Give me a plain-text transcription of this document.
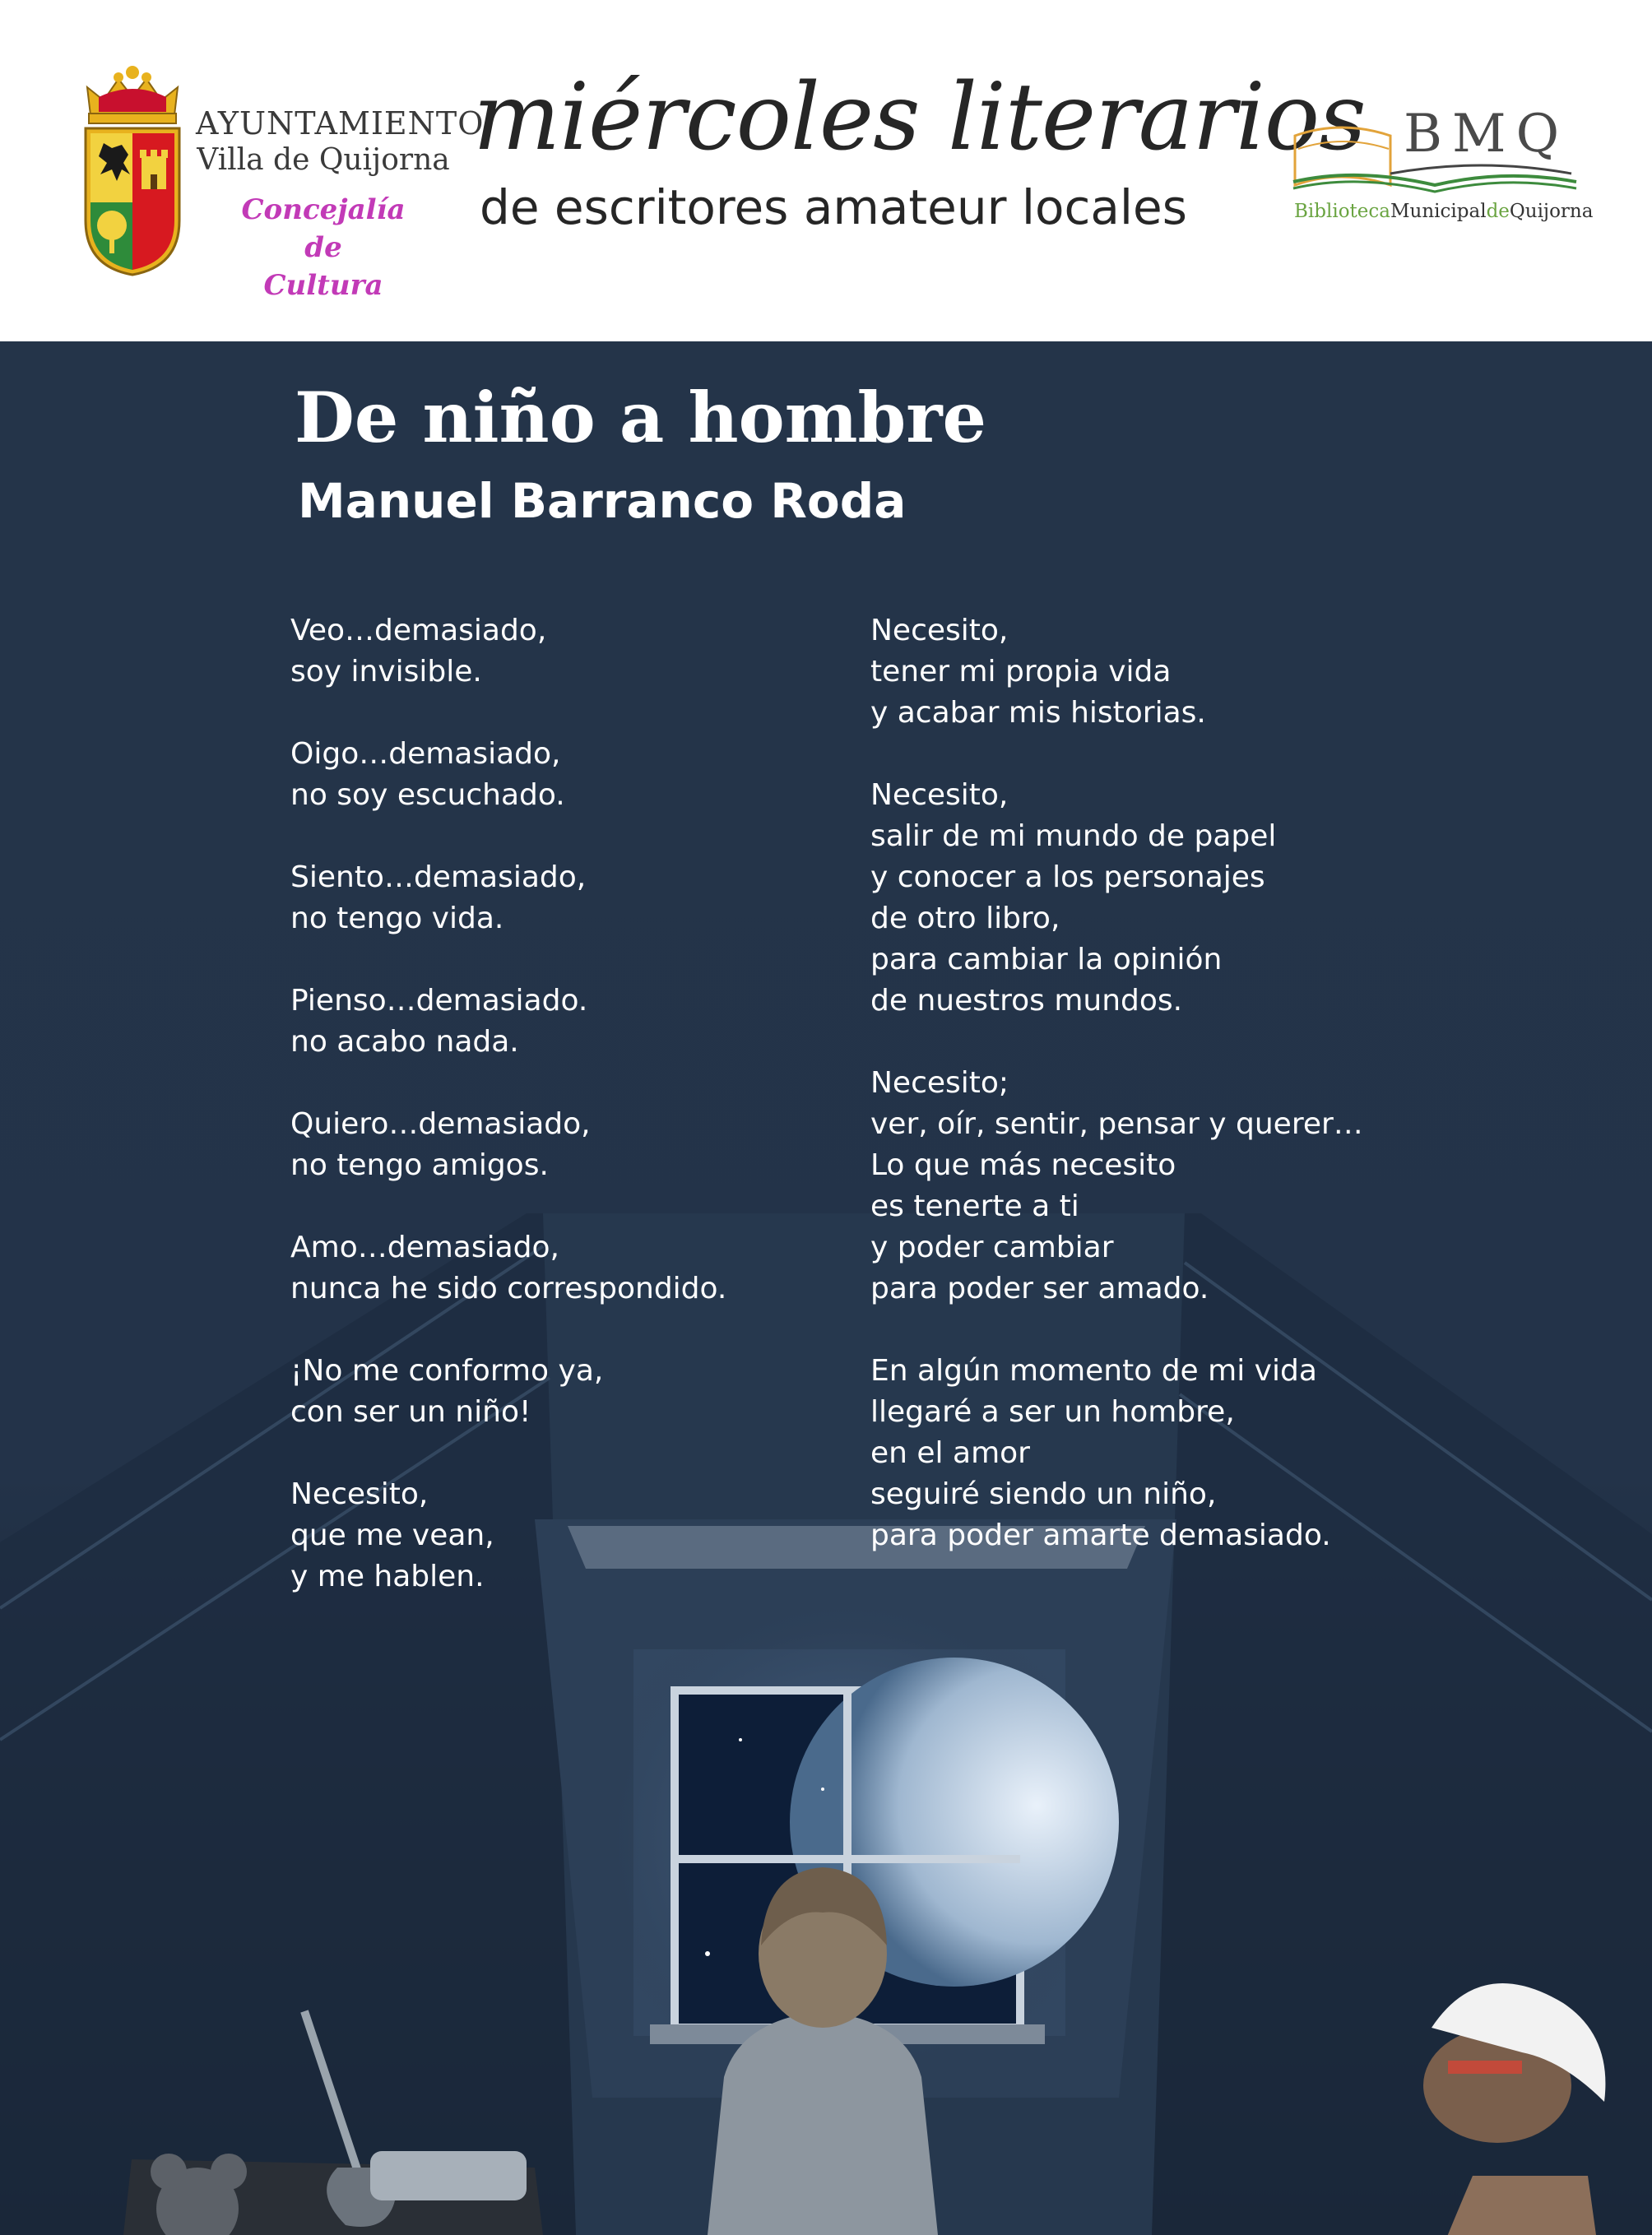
AYUNTAMIENTO
Villa de Quijorna
Concejalía de
Cultura
miércoles literarios
de escritores amateur locales
BMQ
BibliotecaMunicipaldeQuijorna
De niño a hombre
Manuel Barranco Roda
Veo…demasiado,
soy invisible.
Oigo…demasiado,
no soy escuchado.
Siento…demasiado,
no tengo vida.
Pienso…demasiado.
no acabo nada.
Quiero…demasiado,
no tengo amigos.
Amo…demasiado,
nunca he sido correspondido.
¡No me conformo ya,
con ser un niño!
Necesito,
que me vean,
y me hablen.
Necesito,
tener mi propia vida
y acabar mis historias.
Necesito,
salir de mi mundo de papel
y conocer a los personajes
de otro libro,
para cambiar la opinión
de nuestros mundos.
Necesito;
ver, oír, sentir, pensar y querer…
Lo que más necesito
es tenerte a ti
y poder cambiar
para poder ser amado.
En algún momento de mi vida
llegaré a ser un hombre,
en el amor
seguiré siendo un niño,
para poder amarte demasiado.
